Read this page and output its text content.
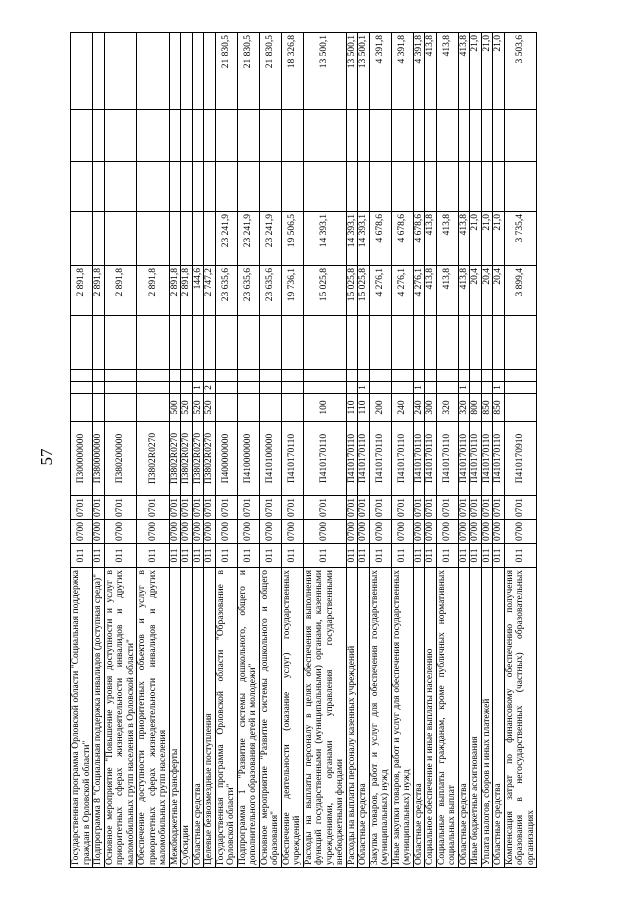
57
Государственная программа Орловской области "Социальная поддержка граждан в Орловской области"	011	0700	0701	П300000000					2 891,8				
Подпрограмма 8 "Социальная поддержка инвалидов (доступная среда)"	011	0700	0701	П380000000					2 891,8				
Основное мероприятие "Повышение уровня доступности и услуг в приоритетных сферах жизнедеятельности инвалидов и других маломобильных групп населения в Орловской области"	011	0700	0701	П380200000					2 891,8				
Обеспечение доступности приоритетных объектов и услуг в приоритетных сферах жизнедеятельности инвалидов и других маломобильных групп населения	011	0700	0701	П3802R0270					2 891,8				
Межбюджетные трансферты	011	0700	0701	П3802R0270	500				2 891,8				
Субсидии	011	0700	0701	П3802R0270	520				2 891,8				
Областные средства	011	0700	0701	П3802R0270	520	1			144,6				
Целевые безвозмездные поступления	011	0700	0701	П3802R0270	520	2			2 747,2				
Государственная программа Орловской области "Образование в Орловской области"	011	0700	0701	П400000000					23 635,6	23 241,9			21 830,5
Подпрограмма 1 "Развитие системы дошкольного, общего и дополнительного образования детей и молодежи"	011	0700	0701	П410000000					23 635,6	23 241,9			21 830,5
Основное мероприятие "Развитие системы дошкольного и общего образования"	011	0700	0701	П410100000					23 635,6	23 241,9			21 830,5
Обеспечение деятельности (оказание услуг) государственных учреждений	011	0700	0701	П410170110					19 736,1	19 506,5			18 326,8
Расходы на выплаты персоналу в целях обеспечения выполнения функций государственными (муниципальными) органами, казенными учреждениями, органами управления государственными внебюджетными фондами	011	0700	0701	П410170110	100				15 025,8	14 393,1			13 500,1
Расходы на выплаты персоналу казенных учреждений	011	0700	0701	П410170110	110				15 025,8	14 393,1			13 500,1
Областные средства	011	0700	0701	П410170110	110	1			15 025,8	14 393,1			13 500,1
Закупка товаров, работ и услуг для обеспечения государственных (муниципальных) нужд	011	0700	0701	П410170110	200				4 276,1	4 678,6			4 391,8
Иные закупки товаров, работ и услуг для обеспечения государственных (муниципальных) нужд	011	0700	0701	П410170110	240				4 276,1	4 678,6			4 391,8
Областные средства	011	0700	0701	П410170110	240	1			4 276,1	4 678,6			4 391,8
Социальное обеспечение и иные выплаты населению	011	0700	0701	П410170110	300				413,8	413,8			413,8
Социальные выплаты гражданам, кроме публичных нормативных социальных выплат	011	0700	0701	П410170110	320				413,8	413,8			413,8
Областные средства	011	0700	0701	П410170110	320	1			413,8	413,8			413,8
Иные бюджетные ассигнования	011	0700	0701	П410170110	800				20,4	21,0			21,0
Уплата налогов, сборов и иных платежей	011	0700	0701	П410170110	850				20,4	21,0			21,0
Областные средства	011	0700	0701	П410170110	850	1			20,4	21,0			21,0
Компенсация затрат по финансовому обеспечению получения образования в негосударственных (частных) образовательных организациях	011	0700	0701	П410170910					3 899,4	3 735,4			3 503,6
